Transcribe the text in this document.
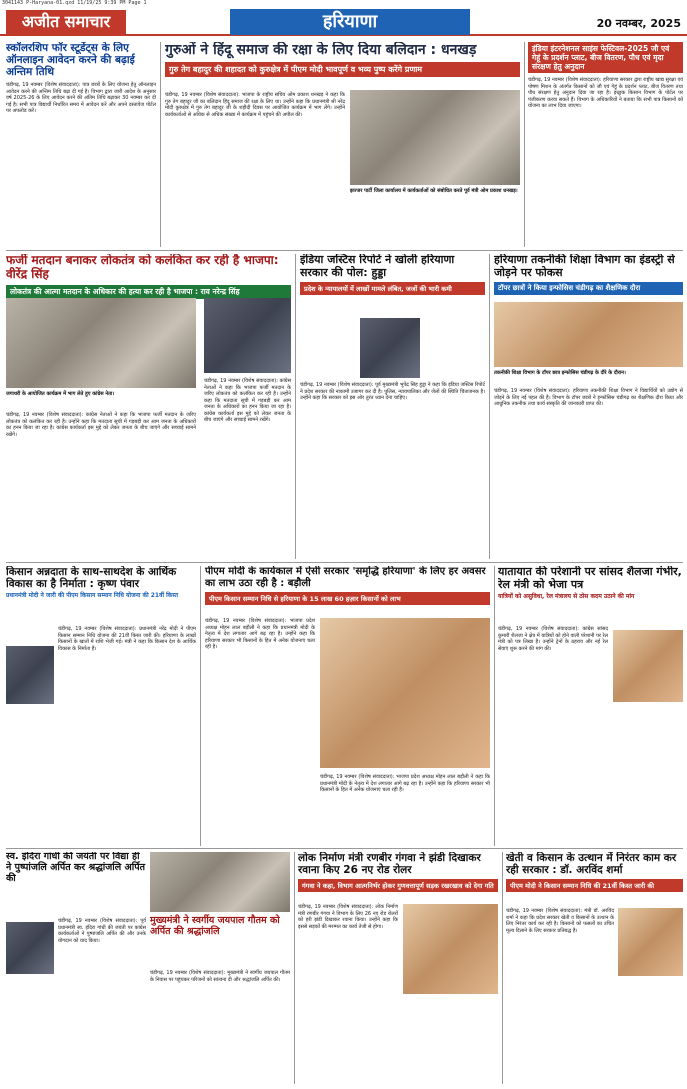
3041143 P-Haryana-01.qxd 11/19/25 9:39 PM Page 1
अजीत समाचार	हरियाणा	20 नवम्बर, 2025
स्कॉलरशिप फॉर स्टूडेंट्स के लिए ऑनलाइन आवेदन करने की बढ़ाई अन्तिम तिथि
चंडीगढ़, 19 नवम्बर (विशेष संवाददाता): पात्र छात्रों के लिए योजना हेतु ऑनलाइन आवेदन करने की अन्तिम तिथि बढ़ा दी गई है। विभाग द्वारा जारी आदेश के अनुसार वर्ष 2025-26 के लिए आवेदन करने की अंतिम तिथि बढ़ाकर 30 नवम्बर कर दी गई है। सभी पात्र विद्यार्थी निर्धारित समय में आवेदन करें और अपने दस्तावेज पोर्टल पर अपलोड करें।
गुरुओं ने हिंदू समाज की रक्षा के लिए दिया बलिदान : धनखड़
गुरु तेग बहादुर की शहादत को कुरुक्षेत्र में पीएम मोदी भावपूर्ण व भव्य पुष्प करेंगे प्रणाम
चंडीगढ़, 19 नवम्बर (विशेष संवाददाता): भाजपा के राष्ट्रीय सचिव ओम प्रकाश धनखड़ ने कहा कि गुरु तेग बहादुर जी का बलिदान हिंदू समाज की रक्षा के लिए था। उन्होंने कहा कि प्रधानमंत्री श्री नरेंद्र मोदी कुरुक्षेत्र में गुरु तेग बहादुर जी के शहीदी दिवस पर आयोजित कार्यक्रम में भाग लेंगे। उन्होंने कार्यकर्ताओं से अधिक से अधिक संख्या में कार्यक्रम में पहुंचने की अपील की।
झज्जर पार्टी जिला कार्यालय में कार्यकर्ताओं को संबोधित करते पूर्व मंत्री ओम प्रकाश धनखड़।
इंडिया इंटरनेशनल साइंस फेस्टिवल-2025 जौ एवं गेहूं के प्रदर्शन प्लाट, बीज वितरण, पौध एवं मृदा संरक्षण हेतु अनुदान
चंडीगढ़, 19 नवम्बर (विशेष संवाददाता): हरियाणा सरकार द्वारा राष्ट्रीय खाद्य सुरक्षा एवं पोषण मिशन के अंतर्गत किसानों को जौ एवं गेहूं के प्रदर्शन प्लाट, बीज वितरण तथा पौध संरक्षण हेतु अनुदान दिया जा रहा है। इच्छुक किसान विभाग के पोर्टल पर पंजीकरण करवा सकते हैं। विभाग के अधिकारियों ने बताया कि सभी पात्र किसानों को योजना का लाभ दिया जाएगा।
फर्जी मतदान बनाकर लोकतंत्र को कलंकित कर रही है भाजपा: वीरेंद्र सिंह
लोकतंत्र की आत्मा मतदान के अधिकार की हत्या कर रही है भाजपा : राव नरेन्द्र सिंह
जगाधरी के आयोजित कार्यक्रम में भाग लेते हुए कांग्रेस नेता।
चंडीगढ़, 19 नवम्बर (विशेष संवाददाता): कांग्रेस नेताओं ने कहा कि भाजपा फर्जी मतदान के जरिए लोकतंत्र को कलंकित कर रही है। उन्होंने कहा कि मतदाता सूची में गड़बड़ी कर आम जनता के अधिकारों का हनन किया जा रहा है। कांग्रेस कार्यकर्ता इस मुद्दे को लेकर जनता के बीच जाएंगे और सच्चाई सामने रखेंगे।
चंडीगढ़, 19 नवम्बर (विशेष संवाददाता): कांग्रेस नेताओं ने कहा कि भाजपा फर्जी मतदान के जरिए लोकतंत्र को कलंकित कर रही है। उन्होंने कहा कि मतदाता सूची में गड़बड़ी कर आम जनता के अधिकारों का हनन किया जा रहा है। कांग्रेस कार्यकर्ता इस मुद्दे को लेकर जनता के बीच जाएंगे और सच्चाई सामने रखेंगे।
इंडिया जस्टिस रिपोर्ट ने खोली हरियाणा सरकार की पोल: हुड्डा
प्रदेश के न्यायालयों में लाखों मामले लंबित, जजों की भारी कमी
चंडीगढ़, 19 नवम्बर (विशेष संवाददाता): पूर्व मुख्यमंत्री भूपेंद्र सिंह हुड्डा ने कहा कि इंडिया जस्टिस रिपोर्ट ने प्रदेश सरकार की नाकामी उजागर कर दी है। पुलिस, न्यायपालिका और जेलों की स्थिति चिंताजनक है। उन्होंने कहा कि सरकार को इस ओर तुरंत ध्यान देना चाहिए।
हरियाणा तकनीकी शिक्षा विभाग का इंडस्ट्री से जोड़ने पर फोकस
टॉपर छात्रों ने किया इन्फोसिस चंडीगढ़ का शैक्षणिक दौरा
तकनीकी शिक्षा विभाग के टॉपर छात्र इन्फोसिस चंडीगढ़ के दौरे के दौरान।
चंडीगढ़, 19 नवम्बर (विशेष संवाददाता): हरियाणा तकनीकी शिक्षा विभाग ने विद्यार्थियों को उद्योग से जोड़ने के लिए नई पहल की है। विभाग के टॉपर छात्रों ने इन्फोसिस चंडीगढ़ का शैक्षणिक दौरा किया और आधुनिक तकनीक तथा कार्य संस्कृति की जानकारी प्राप्त की।
किसान अन्नदाता के साथ-साथदेश के आर्थिक विकास का है निर्माता : कृष्ण पंवार
प्रधानमंत्री मोदी ने जारी की पीएम किसान सम्मान निधि योजना की 21वीं किस्त
चंडीगढ़, 19 नवम्बर (विशेष संवाददाता): प्रधानमंत्री नरेंद्र मोदी ने पीएम किसान सम्मान निधि योजना की 21वीं किस्त जारी की। हरियाणा के लाखों किसानों के खातों में राशि भेजी गई। मंत्री ने कहा कि किसान देश के आर्थिक विकास के निर्माता हैं।
पीएम मोदी के कार्यकाल में ऐसी सरकार 'समृद्धि हरियाणा' के लिए हर अवसर का लाभ उठा रही है : बड़ौली
पीएम किसान सम्मान निधि से हरियाणा के 15 लाख 60 हज़ार किसानों को लाभ
चंडीगढ़, 19 नवम्बर (विशेष संवाददाता): भाजपा प्रदेश अध्यक्ष मोहन लाल बड़ौली ने कहा कि प्रधानमंत्री मोदी के नेतृत्व में देश लगातार आगे बढ़ रहा है। उन्होंने कहा कि हरियाणा सरकार भी किसानों के हित में अनेक योजनाएं चला रही है।
चंडीगढ़, 19 नवम्बर (विशेष संवाददाता): भाजपा प्रदेश अध्यक्ष मोहन लाल बड़ौली ने कहा कि प्रधानमंत्री मोदी के नेतृत्व में देश लगातार आगे बढ़ रहा है। उन्होंने कहा कि हरियाणा सरकार भी किसानों के हित में अनेक योजनाएं चला रही है।
यातायात की परेशानी पर सांसद शैलजा गंभीर, रेल मंत्री को भेजा पत्र
यात्रियों को असुविधा, रेल मंत्रालय से ठोस कदम उठाने की मांग
चंडीगढ़, 19 नवम्बर (विशेष संवाददाता): कांग्रेस सांसद कुमारी शैलजा ने क्षेत्र में यात्रियों को होने वाली परेशानी पर रेल मंत्री को पत्र लिखा है। उन्होंने ट्रेनों के ठहराव और नई रेल सेवाएं शुरू करने की मांग की।
स्व. इंदिरा गांधी की जयंती पर विद्या ही ने पुष्पांजलि अर्पित कर श्रद्धांजलि अर्पित की
चंडीगढ़, 19 नवम्बर (विशेष संवाददाता): पूर्व प्रधानमंत्री स्व. इंदिरा गांधी की जयंती पर कांग्रेस कार्यकर्ताओं ने पुष्पांजलि अर्पित की और उनके योगदान को याद किया।
मुख्यमंत्री ने स्वर्गीय जयपाल गौतम को अर्पित की श्रद्धांजलि
चंडीगढ़, 19 नवम्बर (विशेष संवाददाता): मुख्यमंत्री ने स्वर्गीय जयपाल गौतम के निवास पर पहुंचकर परिजनों को सांत्वना दी और श्रद्धांजलि अर्पित की।
लोक निर्माण मंत्री रणबीर गंगवा ने झंडी दिखाकर रवाना किए 26 नए रोड रोलर
गंगवा ने कहा, विभाग आत्मनिर्भर होकर गुणवत्तापूर्ण सड़क रखरखाव को देगा गति
चंडीगढ़, 19 नवम्बर (विशेष संवाददाता): लोक निर्माण मंत्री रणबीर गंगवा ने विभाग के लिए 26 नए रोड रोलरों को हरी झंडी दिखाकर रवाना किया। उन्होंने कहा कि इससे सड़कों की मरम्मत का कार्य तेजी से होगा।
खेती व किसान के उत्थान में निरंतर काम कर रही सरकार : डॉ. अरविंद शर्मा
पीएम मोदी ने किसान सम्मान निधि की 21वीं किस्त जारी की
चंडीगढ़, 19 नवम्बर (विशेष संवाददाता): मंत्री डॉ. अरविंद शर्मा ने कहा कि प्रदेश सरकार खेती व किसानों के उत्थान के लिए निरंतर कार्य कर रही है। किसानों को फसलों का उचित मूल्य दिलाने के लिए सरकार प्रतिबद्ध है।
